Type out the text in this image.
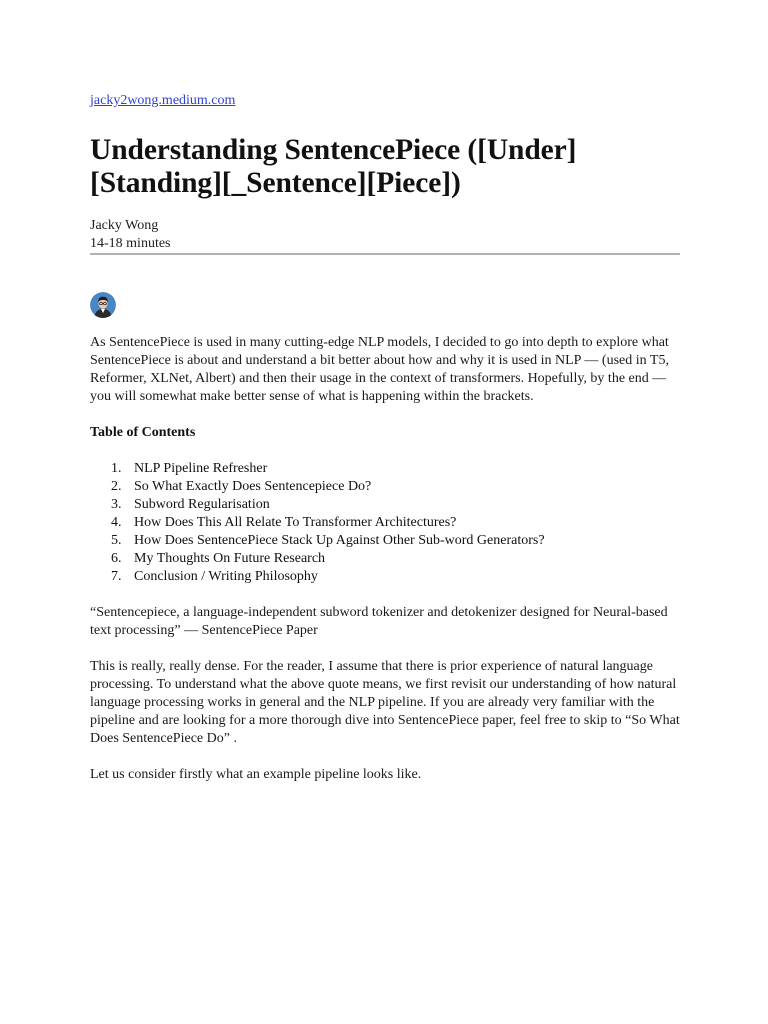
jacky2wong.medium.com
Understanding SentencePiece ([Under]
[Standing][_Sentence][Piece])
Jacky Wong
14-18 minutes

As SentencePiece is used in many cutting-edge NLP models, I decided to go into depth to explore what SentencePiece is about and understand a bit better about how and why it is used in NLP — (used in T5, Reformer, XLNet, Albert) and then their usage in the context of transformers. Hopefully, by the end — you will somewhat make better sense of what is happening within the brackets.

Table of Contents
1. NLP Pipeline Refresher
2. So What Exactly Does Sentencepiece Do?
3. Subword Regularisation
4. How Does This All Relate To Transformer Architectures?
5. How Does SentencePiece Stack Up Against Other Sub-word Generators?
6. My Thoughts On Future Research
7. Conclusion / Writing Philosophy

“Sentencepiece, a language-independent subword tokenizer and detokenizer designed for Neural-based text processing” — SentencePiece Paper

This is really, really dense. For the reader, I assume that there is prior experience of natural language processing. To understand what the above quote means, we first revisit our understanding of how natural language processing works in general and the NLP pipeline. If you are already very familiar with the pipeline and are looking for a more thorough dive into SentencePiece paper, feel free to skip to “So What Does SentencePiece Do” .

Let us consider firstly what an example pipeline looks like.
